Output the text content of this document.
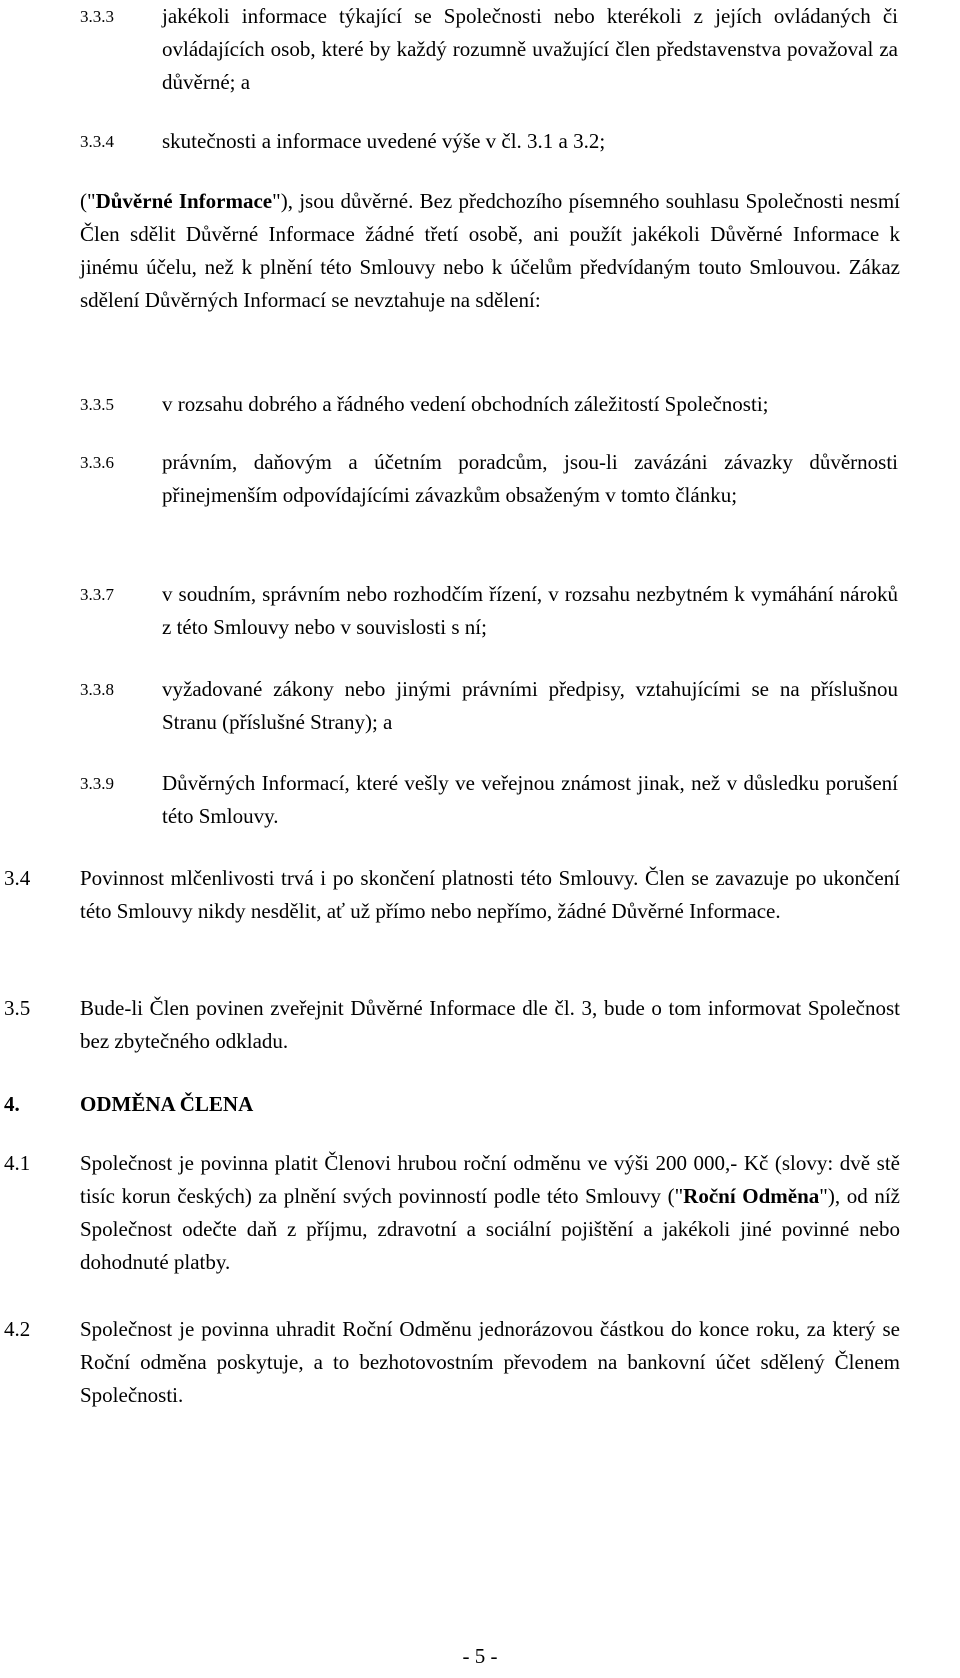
3.3.3 jakékoli informace týkající se Společnosti nebo kterékoli z jejích ovládaných či ovládajících osob, které by každý rozumně uvažující člen představenstva považoval za důvěrné; a
3.3.4 skutečnosti a informace uvedené výše v čl. 3.1 a 3.2;
("Důvěrné Informace"), jsou důvěrné. Bez předchozího písemného souhlasu Společnosti nesmí Člen sdělit Důvěrné Informace žádné třetí osobě, ani použít jakékoli Důvěrné Informace k jinému účelu, než k plnění této Smlouvy nebo k účelům předvídaným touto Smlouvou. Zákaz sdělení Důvěrných Informací se nevztahuje na sdělení:
3.3.5 v rozsahu dobrého a řádného vedení obchodních záležitostí Společnosti;
3.3.6 právním, daňovým a účetním poradcům, jsou-li zavázáni závazky důvěrnosti přinejmenším odpovídajícími závazkům obsaženým v tomto článku;
3.3.7 v soudním, správním nebo rozhodčím řízení, v rozsahu nezbytném k vymáhání nároků z této Smlouvy nebo v souvislosti s ní;
3.3.8 vyžadované zákony nebo jinými právními předpisy, vztahujícími se na příslušnou Stranu (příslušné Strany); a
3.3.9 Důvěrných Informací, které vešly ve veřejnou známost jinak, než v důsledku porušení této Smlouvy.
3.4 Povinnost mlčenlivosti trvá i po skončení platnosti této Smlouvy. Člen se zavazuje po ukončení této Smlouvy nikdy nesdělit, ať už přímo nebo nepřímo, žádné Důvěrné Informace.
3.5 Bude-li Člen povinen zveřejnit Důvěrné Informace dle čl. 3, bude o tom informovat Společnost bez zbytečného odkladu.
4.	ODMĚNA ČLENA
4.1 Společnost je povinna platit Členovi hrubou roční odměnu ve výši 200 000,- Kč (slovy: dvě stě tisíc korun českých) za plnění svých povinností podle této Smlouvy ("Roční Odměna"), od níž Společnost odečte daň z příjmu, zdravotní a sociální pojištění a jakékoli jiné povinné nebo dohodnuté platby.
4.2 Společnost je povinna uhradit Roční Odměnu jednorázovou částkou do konce roku, za který se Roční odměna poskytuje, a to bezhotovostním převodem na bankovní účet sdělený Členem Společnosti.
- 5 -
